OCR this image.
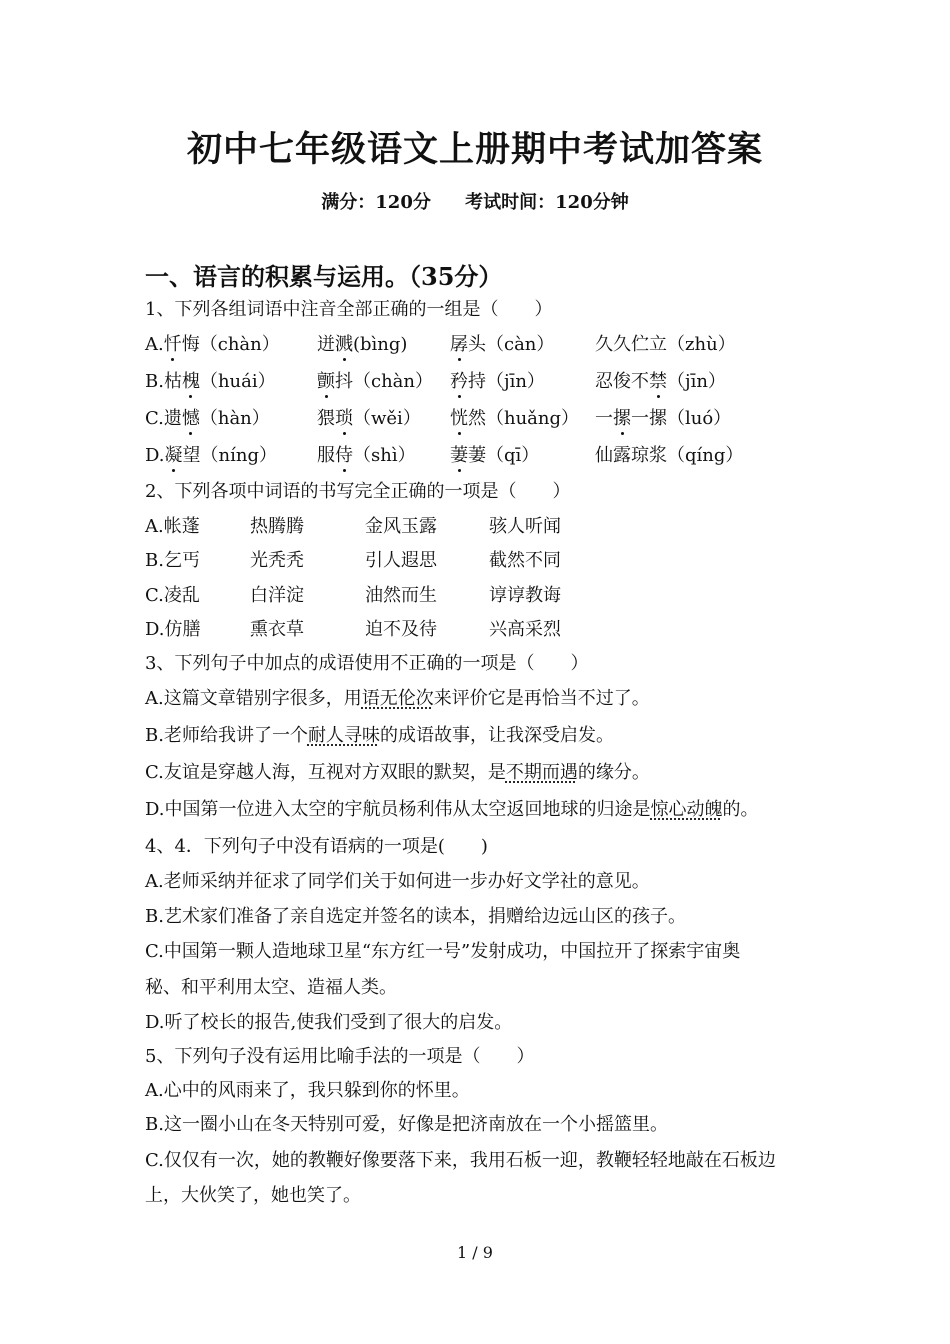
初中七年级语文上册期中考试加答案
满分：120分 考试时间：120分钟
一、语言的积累与运用。（35分）
1、下列各组词语中注音全部正确的一组是（　　）
A.忏悔（chàn） 迸溅(bìng) 孱头（càn） 久久伫立（zhù）
B.枯槐（huái） 颤抖（chàn） 矜持（jīn）	忍俊不禁（jīn）
C.遗憾（hàn）	猥琐（wěi） 恍然（huǎng） 一摞一摞（luó）
D.凝望（níng） 服侍（shì） 萋萋（qī）	仙露琼浆（qíng）
2、下列各项中词语的书写完全正确的一项是（　　）
A.帐蓬	热腾腾	金风玉露	骇人听闻
B.乞丐	光秃秃	引人遐思	截然不同
C.凌乱	白洋淀	油然而生	谆谆教诲
D.仿膳	熏衣草	迫不及待	兴高采烈
3、下列句子中加点的成语使用不正确的一项是（　　）
A.这篇文章错别字很多，用语无伦次来评价它是再恰当不过了。
B.老师给我讲了一个耐人寻味的成语故事，让我深受启发。
C.友谊是穿越人海，互视对方双眼的默契，是不期而遇的缘分。
D.中国第一位进入太空的宇航员杨利伟从太空返回地球的归途是惊心动魄的。
4、4．下列句子中没有语病的一项是(　　)
A.老师采纳并征求了同学们关于如何进一步办好文学社的意见。
B.艺术家们准备了亲自选定并签名的读本，捐赠给边远山区的孩子。
C.中国第一颗人造地球卫星“东方红一号”发射成功，中国拉开了探索宇宙奥
秘、和平利用太空、造福人类。
D.听了校长的报告,使我们受到了很大的启发。
5、下列句子没有运用比喻手法的一项是（　　）
A.心中的风雨来了，我只躲到你的怀里。
B.这一圈小山在冬天特别可爱，好像是把济南放在一个小摇篮里。
C.仅仅有一次，她的教鞭好像要落下来，我用石板一迎，教鞭轻轻地敲在石板边
上，大伙笑了，她也笑了。
1 / 9
